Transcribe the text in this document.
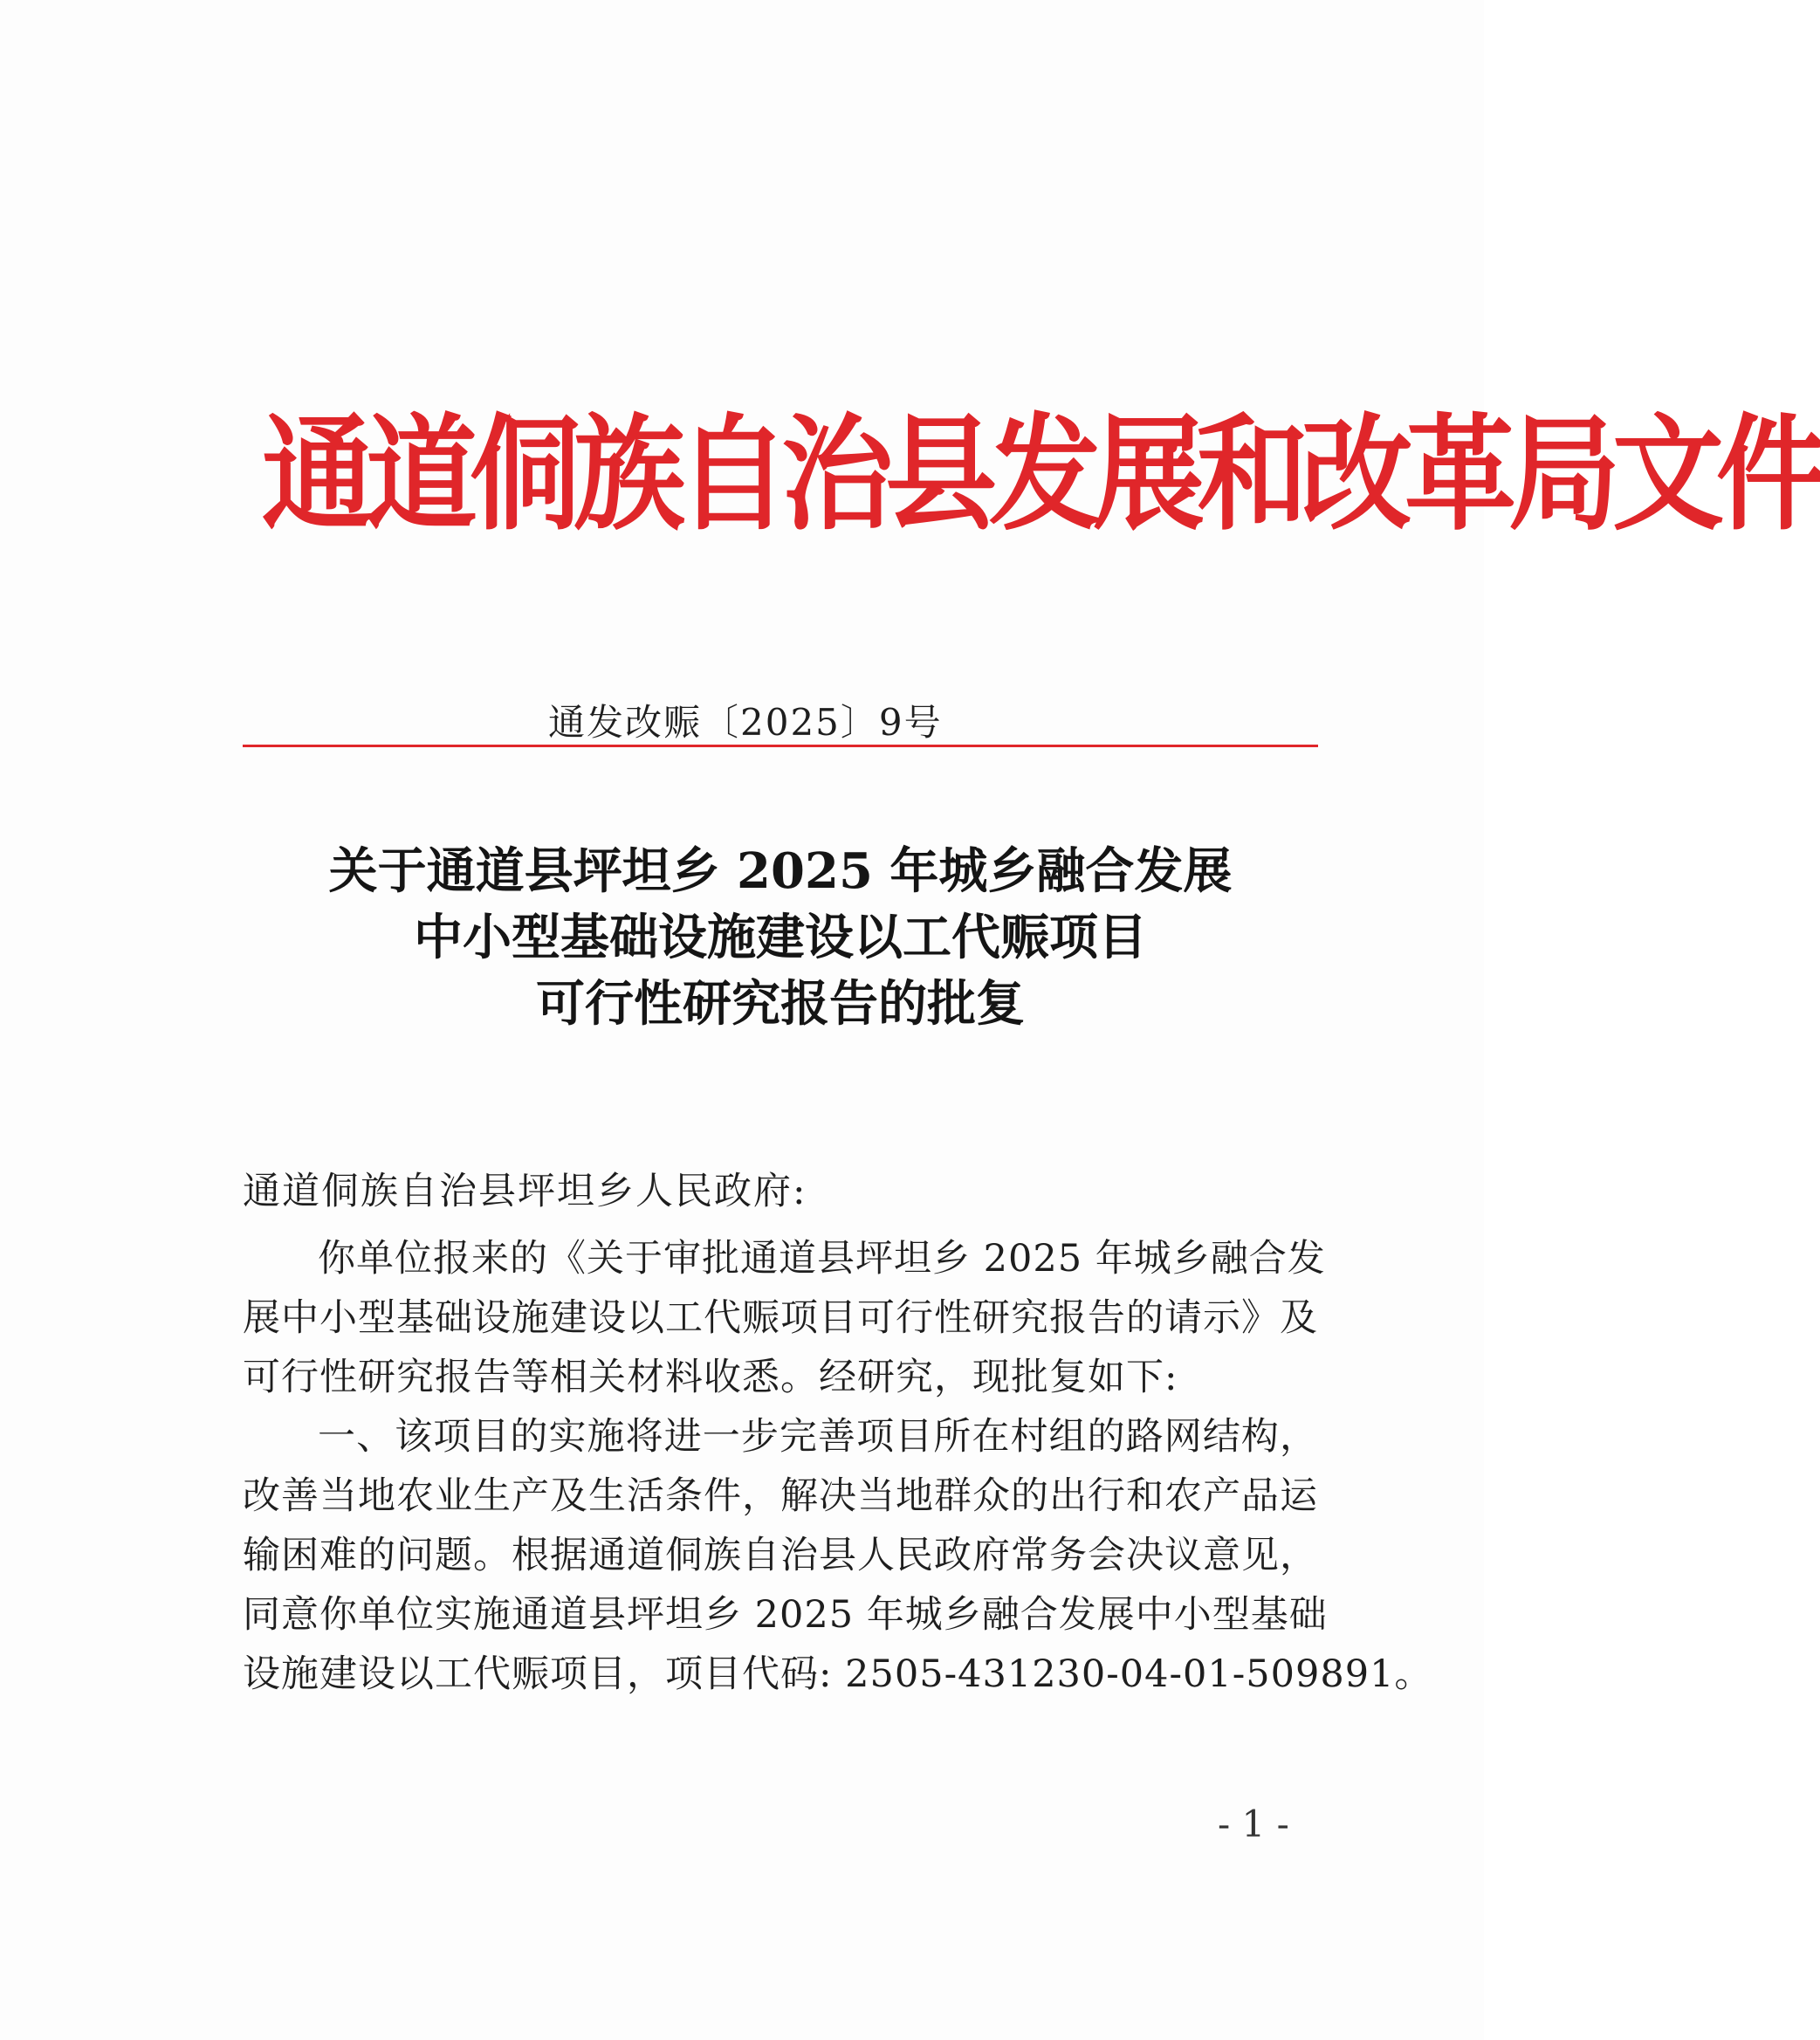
通道侗族自治县发展和改革局文件
通发改赈〔2025〕9号
关于通道县坪坦乡 2025 年城乡融合发展
中小型基础设施建设以工代赈项目
可行性研究报告的批复
通道侗族自治县坪坦乡人民政府:
你单位报来的《关于审批通道县坪坦乡 2025 年城乡融合发
展中小型基础设施建设以工代赈项目可行性研究报告的请示》及
可行性研究报告等相关材料收悉。经研究，现批复如下:
一、该项目的实施将进一步完善项目所在村组的路网结构，
改善当地农业生产及生活条件，解决当地群众的出行和农产品运
输困难的问题。根据通道侗族自治县人民政府常务会决议意见，
同意你单位实施通道县坪坦乡 2025 年城乡融合发展中小型基础
设施建设以工代赈项目，项目代码: 2505-431230-04-01-509891。
- 1 -
